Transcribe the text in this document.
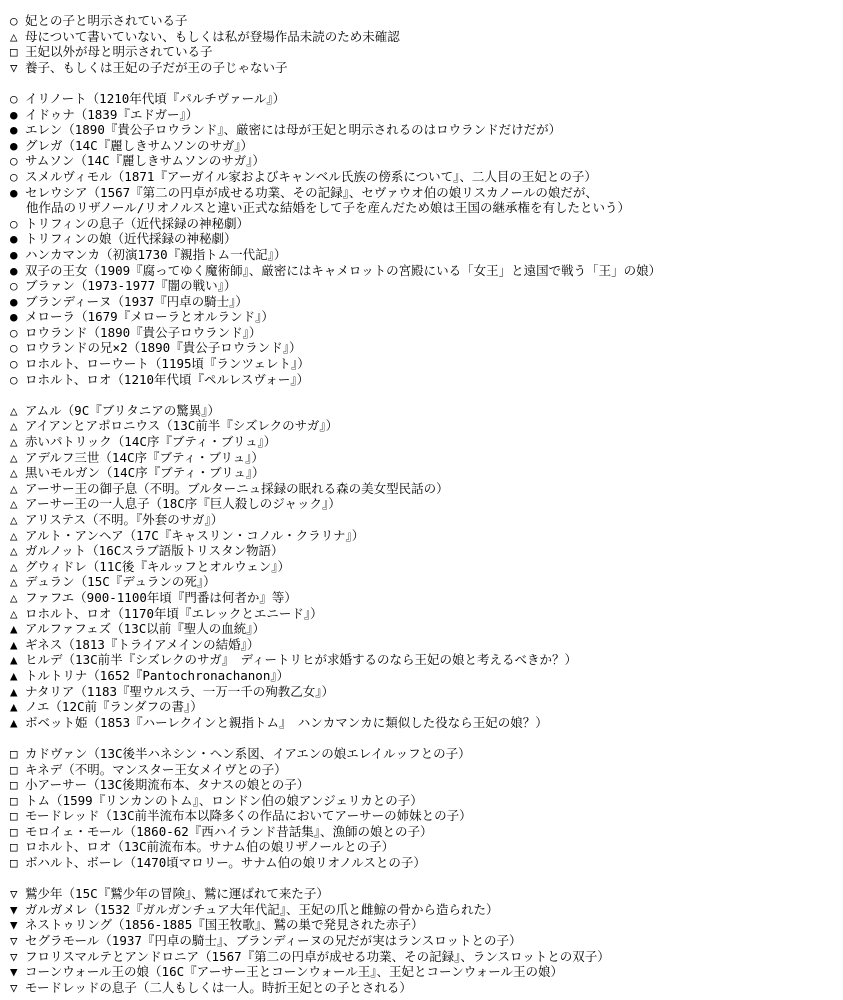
○ 妃との子と明示されている子
△ 母について書いていない、もしくは私が登場作品未読のため未確認
□ 王妃以外が母と明示されている子
▽ 養子、もしくは王妃の子だが王の子じゃない子
○ イリノート（1210年代頃『パルチヴァール』）
● イドゥナ（1839『エドガー』）
● エレン（1890『貴公子ロウランド』、厳密には母が王妃と明示されるのはロウランドだけだが）
● グレガ（14C『麗しきサムソンのサガ』）
○ サムソン（14C『麗しきサムソンのサガ』）
○ スメルヴィモル（1871『アーガイル家およびキャンベル氏族の傍系について』、二人目の王妃との子）
● セレウシア（1567『第二の円卓が成せる功業、その記録』、セヴァウオ伯の娘リスカノールの娘だが、
他作品のリザノール/リオノルスと違い正式な結婚をして子を産んだため娘は王国の継承権を有したという）
○ トリフィンの息子（近代採録の神秘劇）
● トリフィンの娘（近代採録の神秘劇）
● ハンカマンカ（初演1730『親指トム一代記』）
● 双子の王女（1909『腐ってゆく魔術師』、厳密にはキャメロットの宮殿にいる「女王」と遠国で戦う「王」の娘）
○ ブラァン（1973-1977『闇の戦い』）
● ブランディーヌ（1937『円卓の騎士』）
● メローラ（1679『メローラとオルランド』）
○ ロウランド（1890『貴公子ロウランド』）
○ ロウランドの兄×2（1890『貴公子ロウランド』）
○ ロホルト、ローウート（1195頃『ランツェレト』）
○ ロホルト、ロオ（1210年代頃『ペルレスヴォー』）
△ アムル（9C『ブリタニアの驚異』）
△ アイアンとアポロニウス（13C前半『シズレクのサガ』）
△ 赤いパトリック（14C序『ブティ・ブリュ』）
△ アデルフ三世（14C序『ブティ・ブリュ』）
△ 黒いモルガン（14C序『ブティ・ブリュ』）
△ アーサー王の御子息（不明。ブルターニュ採録の眠れる森の美女型民話の）
△ アーサー王の一人息子（18C序『巨人殺しのジャック』）
△ アリステス（不明。『外套のサガ』）
△ アルト・アンヘア（17C『キャスリン・コノル・クラリナ』）
△ ガルノット（16Cスラブ語版トリスタン物語）
△ グウィドレ（11C後『キルッフとオルウェン』）
△ デュラン（15C『デュランの死』）
△ ファフエ（900-1100年頃『門番は何者か』等）
△ ロホルト、ロオ（1170年頃『エレックとエニード』）
▲ アルファフェズ（13C以前『聖人の血統』）
▲ ギネス（1813『トライアメインの結婚』）
▲ ヒルデ（13C前半『シズレクのサガ』　ディートリヒが求婚するのなら王妃の娘と考えるべきか？）
▲ トルトリナ（1652『Pantochronachanon』）
▲ ナタリア（1183『聖ウルスラ、一万一千の殉教乙女』）
▲ ノエ（12C前『ランダフの書』）
▲ ボベット姫（1853『ハーレクインと親指トム』　ハンカマンカに類似した役なら王妃の娘？）
□ カドヴァン（13C後半ハネシン・ヘン系図、イアエンの娘エレイルッフとの子）
□ キネデ（不明。マンスター王女メイヴとの子）
□ 小アーサー（13C後期流布本、タナスの娘との子）
□ トム（1599『リンカンのトム』、ロンドン伯の娘アンジェリカとの子）
□ モードレッド（13C前半流布本以降多くの作品においてアーサーの姉妹との子）
□ モロイェ・モール（1860-62『西ハイランド昔話集』、漁師の娘との子）
□ ロホルト、ロオ（13C前流布本。サナム伯の娘リザノールとの子）
□ ボハルト、ボーレ（1470頃マロリー。サナム伯の娘リオノルスとの子）
▽ 鷲少年（15C『鷲少年の冒険』、鷲に運ばれて来た子）
▼ ガルガメレ（1532『ガルガンチュア大年代記』、王妃の爪と雌鯨の骨から造られた）
▼ ネストゥリング（1856-1885『国王牧歌』、鷲の巣で発見された赤子）
▽ セグラモール（1937『円卓の騎士』、ブランディーヌの兄だが実はランスロットとの子）
▽ フロリスマルテとアンドロニア（1567『第二の円卓が成せる功業、その記録』、ランスロットとの双子）
▼ コーンウォール王の娘（16C『アーサー王とコーンウォール王』、王妃とコーンウォール王の娘）
▽ モードレッドの息子（二人もしくは一人。時折王妃との子とされる）
